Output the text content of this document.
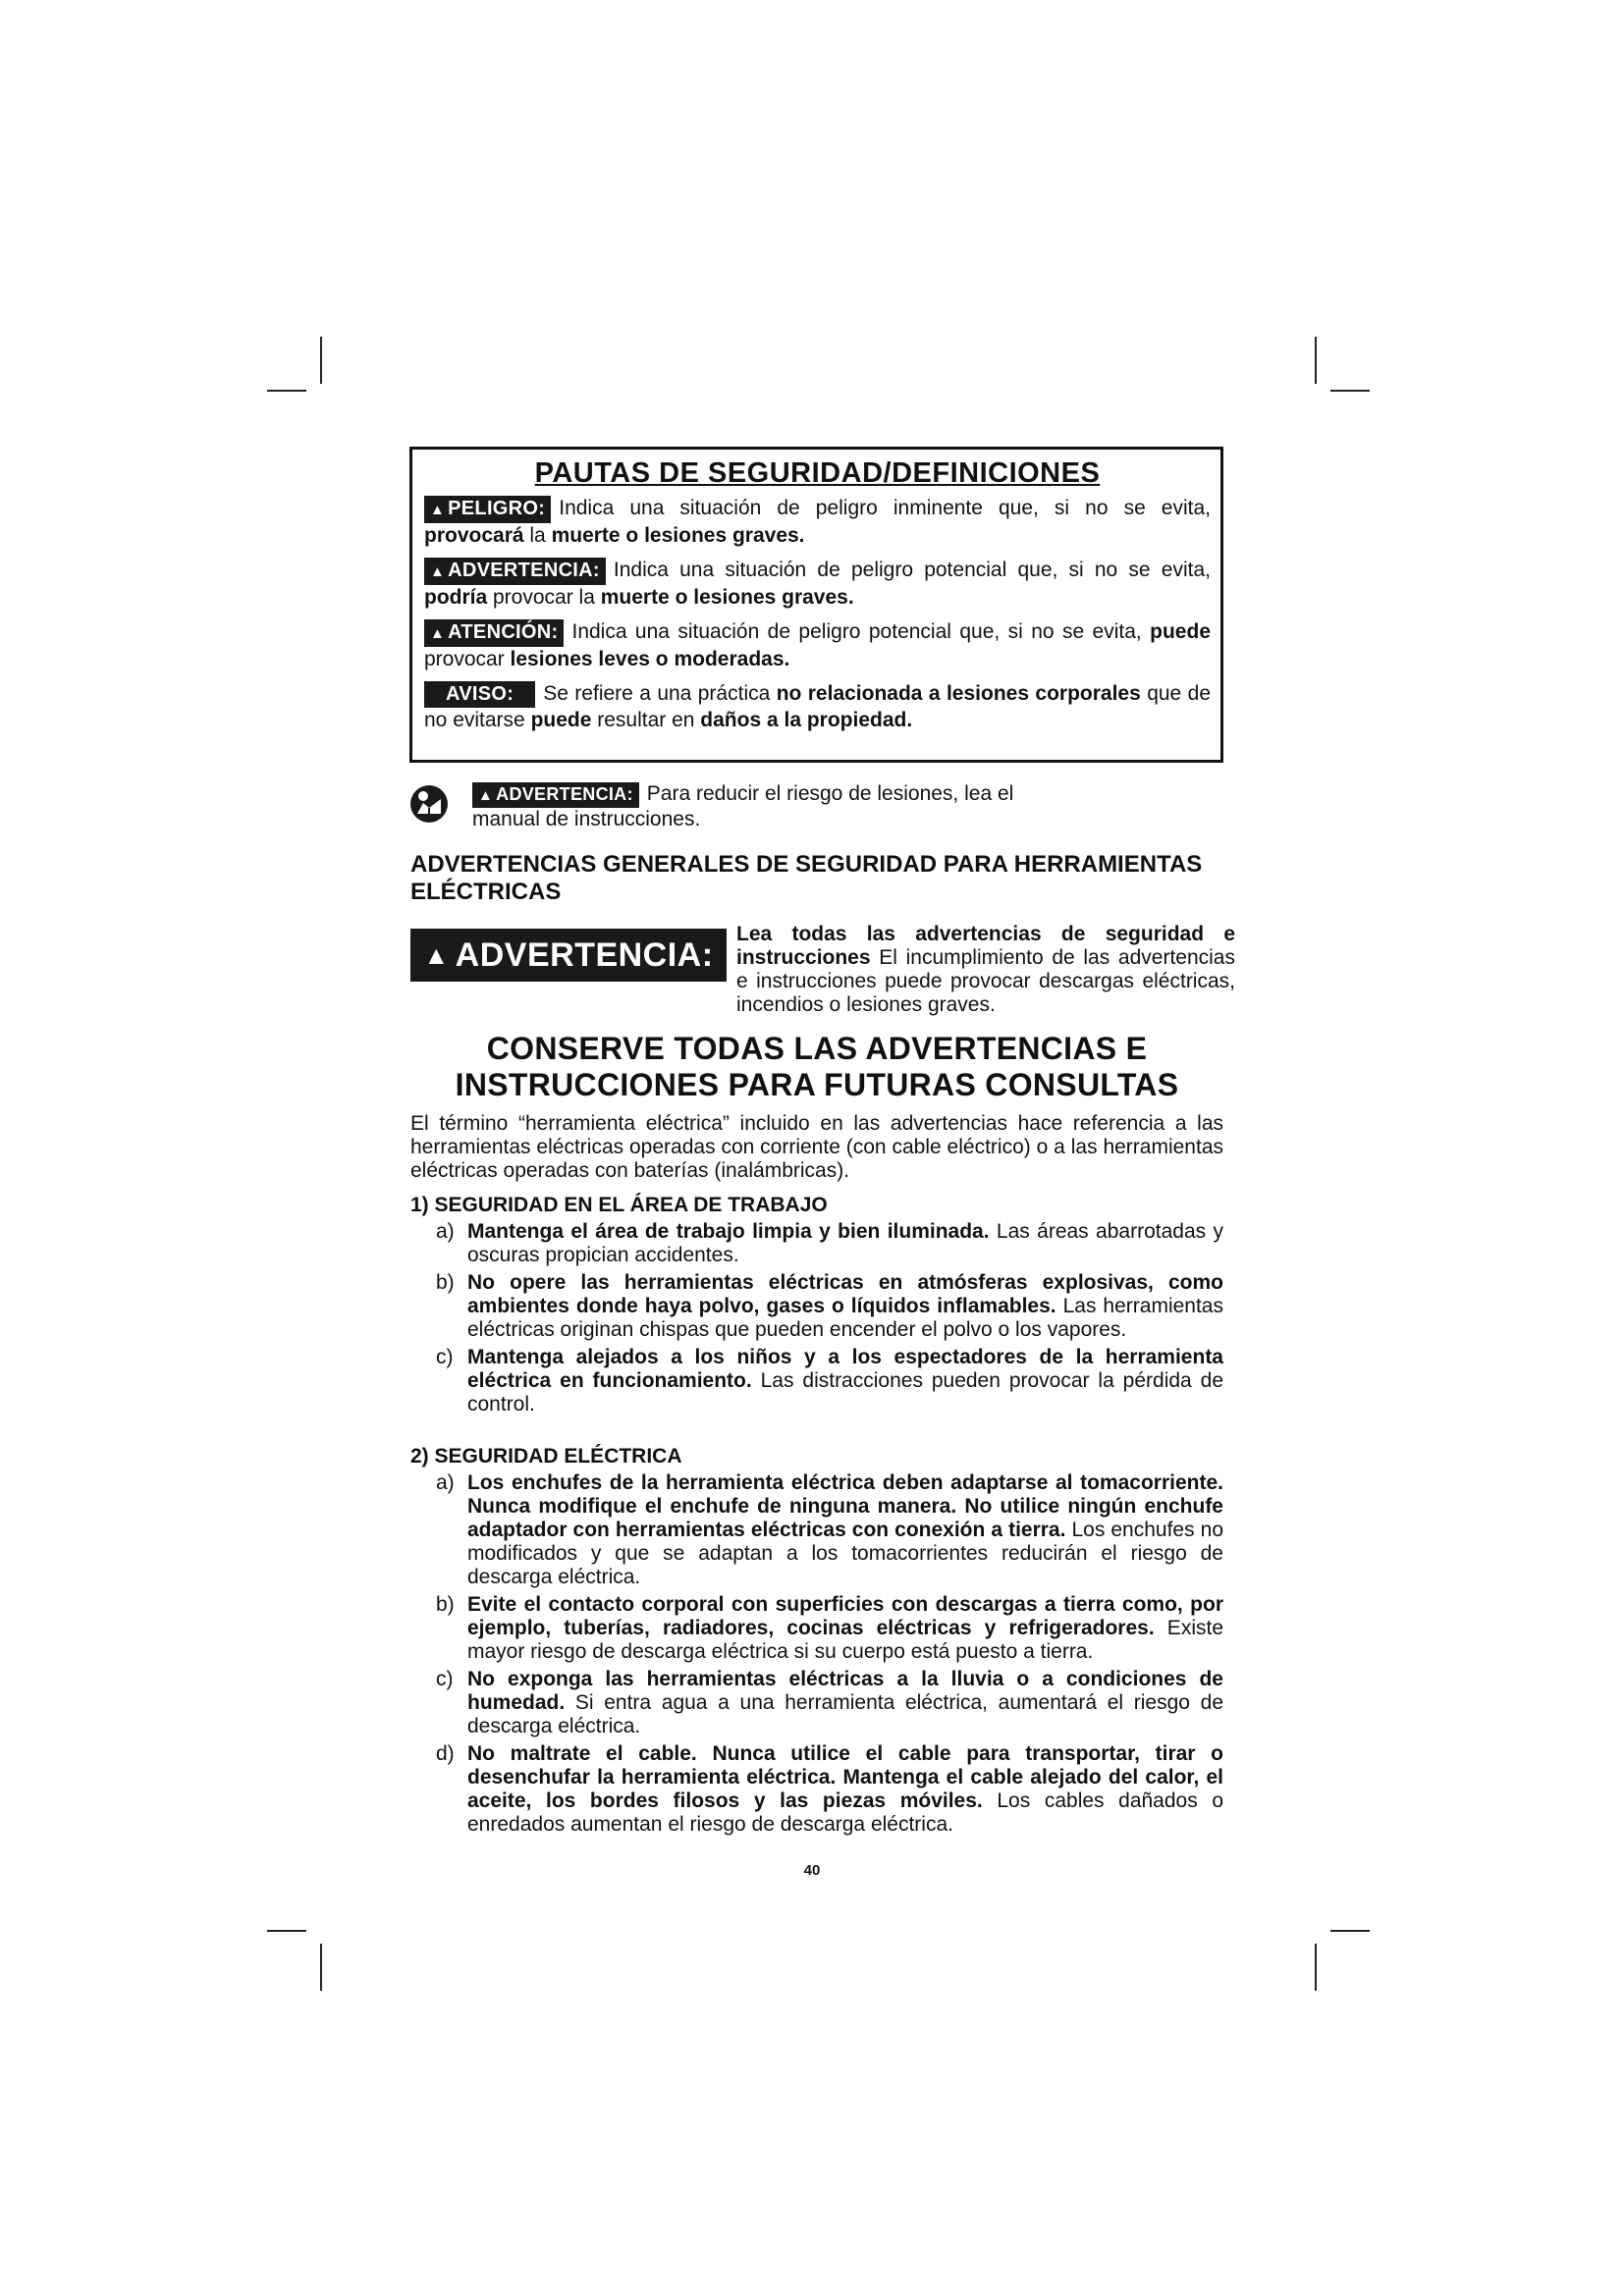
PAUTAS DE SEGURIDAD/DEFINICIONES

▲ PELIGRO: Indica una situación de peligro inminente que, si no se evita, provocará la muerte o lesiones graves.

▲ ADVERTENCIA: Indica una situación de peligro potencial que, si no se evita, podría provocar la muerte o lesiones graves.

▲ ATENCIÓN: Indica una situación de peligro potencial que, si no se evita, puede provocar lesiones leves o moderadas.

AVISO: Se refiere a una práctica no relacionada a lesiones corporales que de no evitarse puede resultar en daños a la propiedad.

▲ ADVERTENCIA: Para reducir el riesgo de lesiones, lea el manual de instrucciones.
ADVERTENCIAS GENERALES DE SEGURIDAD PARA HERRAMIENTAS ELÉCTRICAS
▲ ADVERTENCIA:
Lea todas las advertencias de seguridad e instrucciones El incumplimiento de las advertencias e instrucciones puede provocar descargas eléctricas, incendios o lesiones graves.
CONSERVE TODAS LAS ADVERTENCIAS E INSTRUCCIONES PARA FUTURAS CONSULTAS

El término “herramienta eléctrica” incluido en las advertencias hace referencia a las herramientas eléctricas operadas con corriente (con cable eléctrico) o a las herramientas eléctricas operadas con baterías (inalámbricas).

1) SEGURIDAD EN EL ÁREA DE TRABAJO
a) Mantenga el área de trabajo limpia y bien iluminada. Las áreas abarrotadas y oscuras propician accidentes.
b) No opere las herramientas eléctricas en atmósferas explosivas, como ambientes donde haya polvo, gases o líquidos inflamables. Las herramientas eléctricas originan chispas que pueden encender el polvo o los vapores.
c) Mantenga alejados a los niños y a los espectadores de la herramienta eléctrica en funcionamiento. Las distracciones pueden provocar la pérdida de control.
2) SEGURIDAD ELÉCTRICA
a) Los enchufes de la herramienta eléctrica deben adaptarse al tomacorriente. Nunca modifique el enchufe de ninguna manera. No utilice ningún enchufe adaptador con herramientas eléctricas con conexión a tierra. Los enchufes no modificados y que se adaptan a los tomacorrientes reducirán el riesgo de descarga eléctrica.
b) Evite el contacto corporal con superficies con descargas a tierra como, por ejemplo, tuberías, radiadores, cocinas eléctricas y refrigeradores. Existe mayor riesgo de descarga eléctrica si su cuerpo está puesto a tierra.
c) No exponga las herramientas eléctricas a la lluvia o a condiciones de humedad. Si entra agua a una herramienta eléctrica, aumentará el riesgo de descarga eléctrica.
d) No maltrate el cable. Nunca utilice el cable para transportar, tirar o desenchufar la herramienta eléctrica. Mantenga el cable alejado del calor, el aceite, los bordes filosos y las piezas móviles. Los cables dañados o enredados aumentan el riesgo de descarga eléctrica.
40
